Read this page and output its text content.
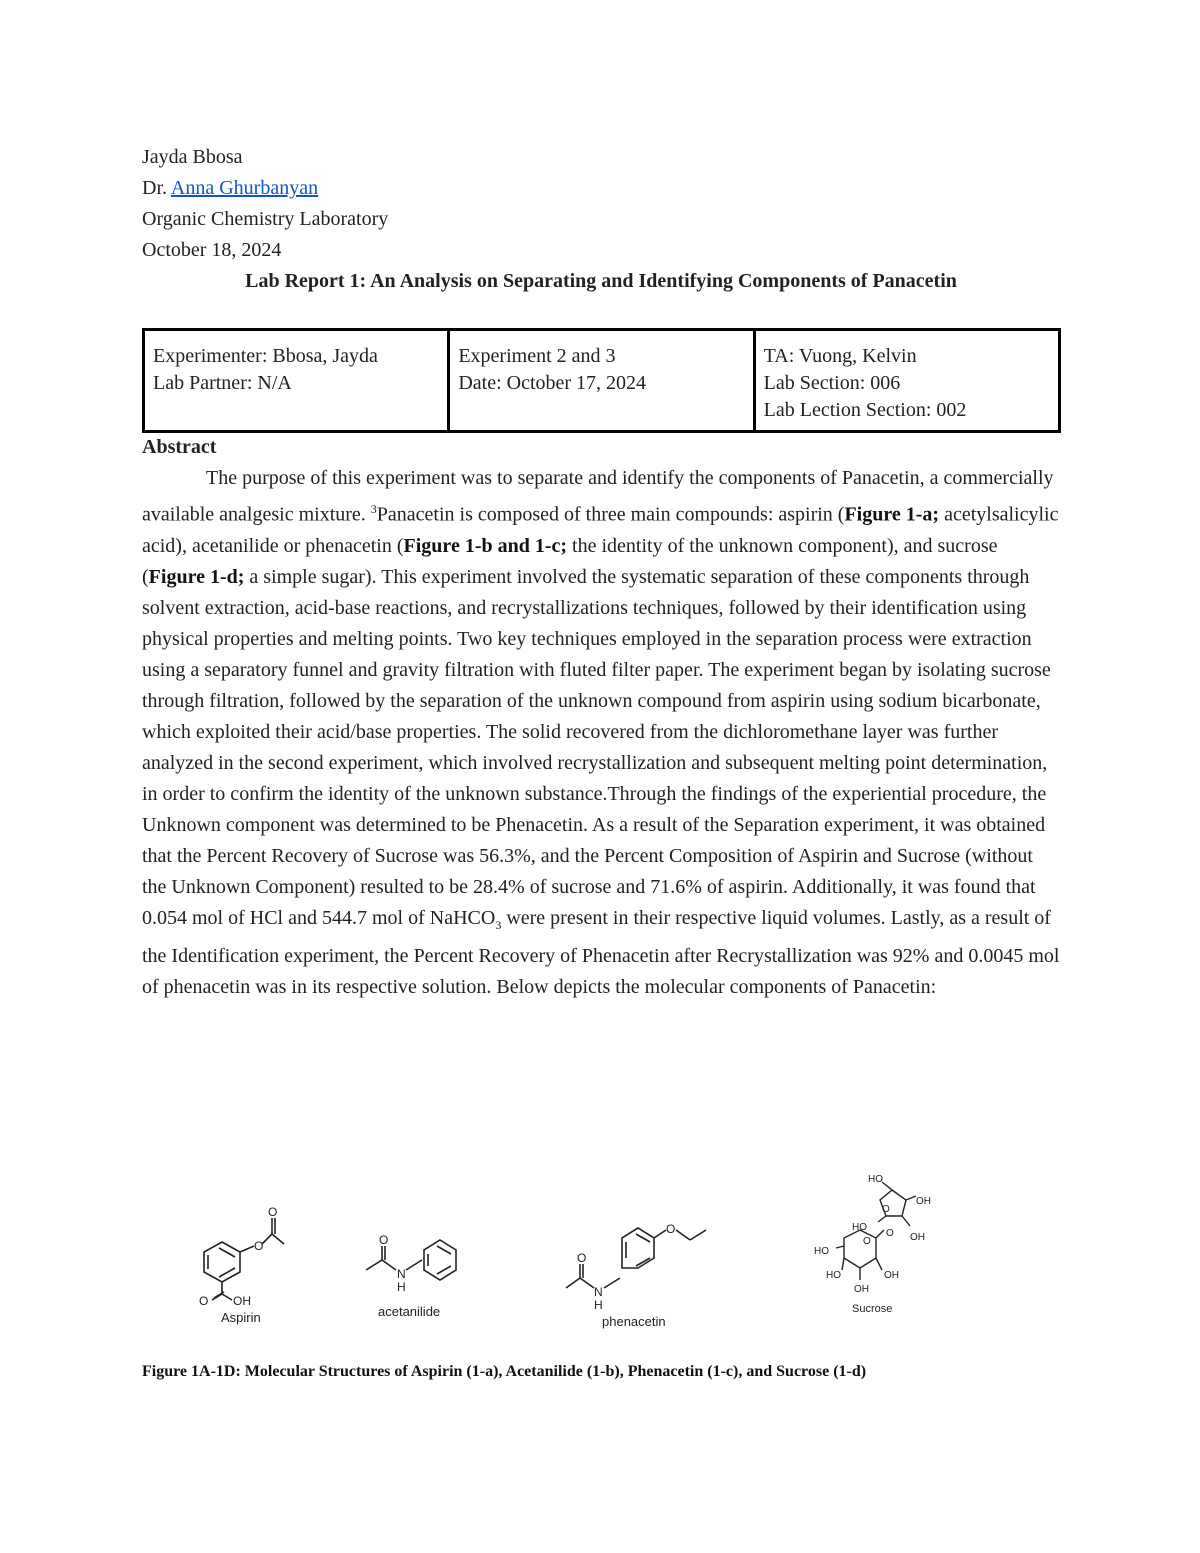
Jayda Bbosa
Dr. Anna Ghurbanyan
Organic Chemistry Laboratory
October 18, 2024
Lab Report 1: An Analysis on Separating and Identifying Components of Panacetin
Experimenter: Bbosa, Jayda
Lab Partner: N/A

Experiment 2 and 3
Date: October 17, 2024

TA: Vuong, Kelvin
Lab Section: 006
Lab Lection Section: 002
Abstract

The purpose of this experiment was to separate and identify the components of Panacetin, a commercially available analgesic mixture. $^3$Panacetin is composed of three main compounds: aspirin (Figure 1-a; acetylsalicylic acid), acetanilide or phenacetin (Figure 1-b and 1-c; the identity of the unknown component), and sucrose (Figure 1-d; a simple sugar). This experiment involved the systematic separation of these components through solvent extraction, acid-base reactions, and recrystallizations techniques, followed by their identification using physical properties and melting points. Two key techniques employed in the separation process were extraction using a separatory funnel and gravity filtration with fluted filter paper. The experiment began by isolating sucrose through filtration, followed by the separation of the unknown compound from aspirin using sodium bicarbonate, which exploited their acid/base properties. The solid recovered from the dichloromethane layer was further analyzed in the second experiment, which involved recrystallization and subsequent melting point determination, in order to confirm the identity of the unknown substance.Through the findings of the experiential procedure, the Unknown component was determined to be Phenacetin. As a result of the Separation experiment, it was obtained that the Percent Recovery of Sucrose was 56.3%, and the Percent Composition of Aspirin and Sucrose (without the Unknown Component) resulted to be 28.4% of sucrose and 71.6% of aspirin. Additionally, it was found that 0.054 mol of HCl and 544.7 mol of NaHCO$_3$ were present in their respective liquid volumes. Lastly, as a result of the Identification experiment, the Percent Recovery of Phenacetin after Recrystallization was 92% and 0.0045 mol of phenacetin was in its respective solution. Below depicts the molecular components of Panacetin:

O
O
O OH
Aspirin
O
N
H
acetanilide
O
N
H
O
phenacetin
HO
OH
O
HO
O OH
HO
O
HO	OH
OH
Sucrose
Figure 1A-1D: Molecular Structures of Aspirin (1-a), Acetanilide (1-b), Phenacetin (1-c), and Sucrose (1-d)
